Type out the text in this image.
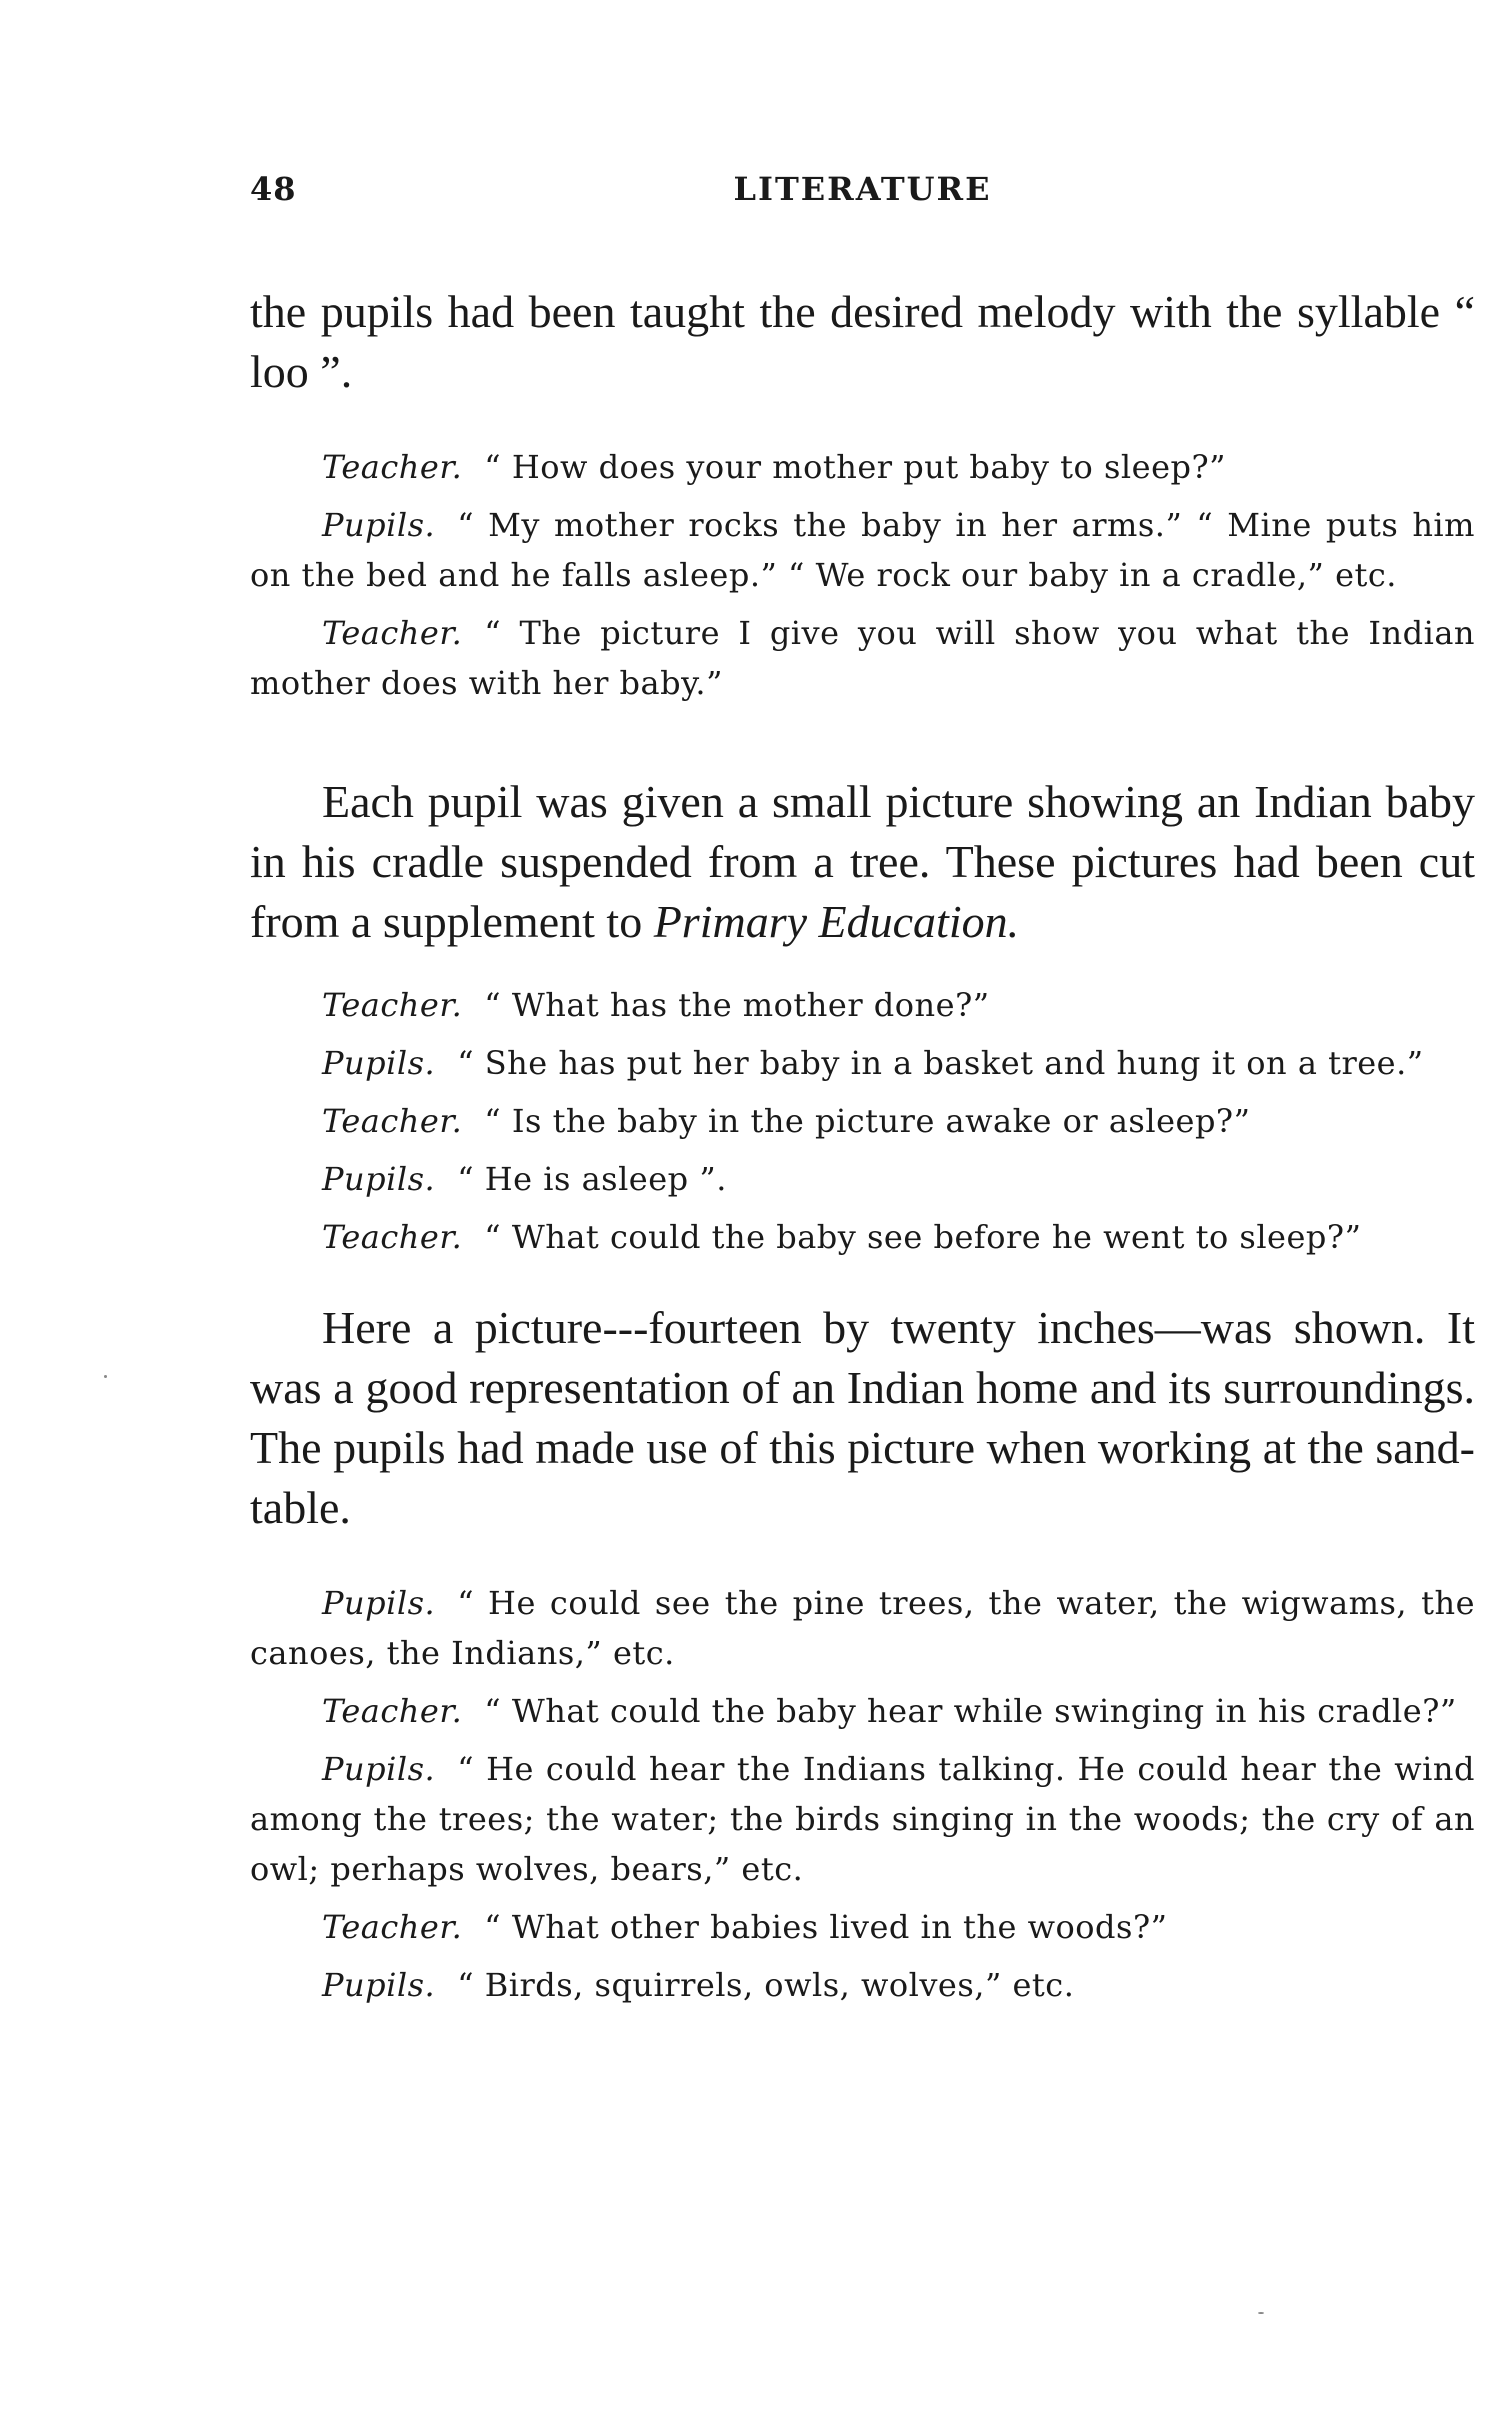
48	LITERATURE

the pupils had been taught the desired melody with the syllable “ loo ”.

Teacher. “ How does your mother put baby to sleep?”

Pupils. “ My mother rocks the baby in her arms.” “ Mine puts him on the bed and he falls asleep.” “ We rock our baby in a cradle,” etc.

Teacher. “ The picture I give you will show you what the Indian mother does with her baby.”

Each pupil was given a small picture showing an Indian baby in his cradle suspended from a tree. These pictures had been cut from a supplement to Primary Education.

Teacher. “ What has the mother done?”

Pupils. “ She has put her baby in a basket and hung it on a tree.”

Teacher. “ Is the baby in the picture awake or asleep?”

Pupils. “ He is asleep ”.

Teacher. “ What could the baby see before he went to sleep?”

Here a picture---fourteen by twenty inches—was shown. It was a good representation of an Indian home and its surroundings. The pupils had made use of this picture when working at the sand-table.

Pupils. “ He could see the pine trees, the water, the wigwams, the canoes, the Indians,” etc.

Teacher. “ What could the baby hear while swinging in his cradle?”

Pupils. “ He could hear the Indians talking. He could hear the wind among the trees; the water; the birds singing in the woods; the cry of an owl; perhaps wolves, bears,” etc.

Teacher. “ What other babies lived in the woods?”

Pupils. “ Birds, squirrels, owls, wolves,” etc.
